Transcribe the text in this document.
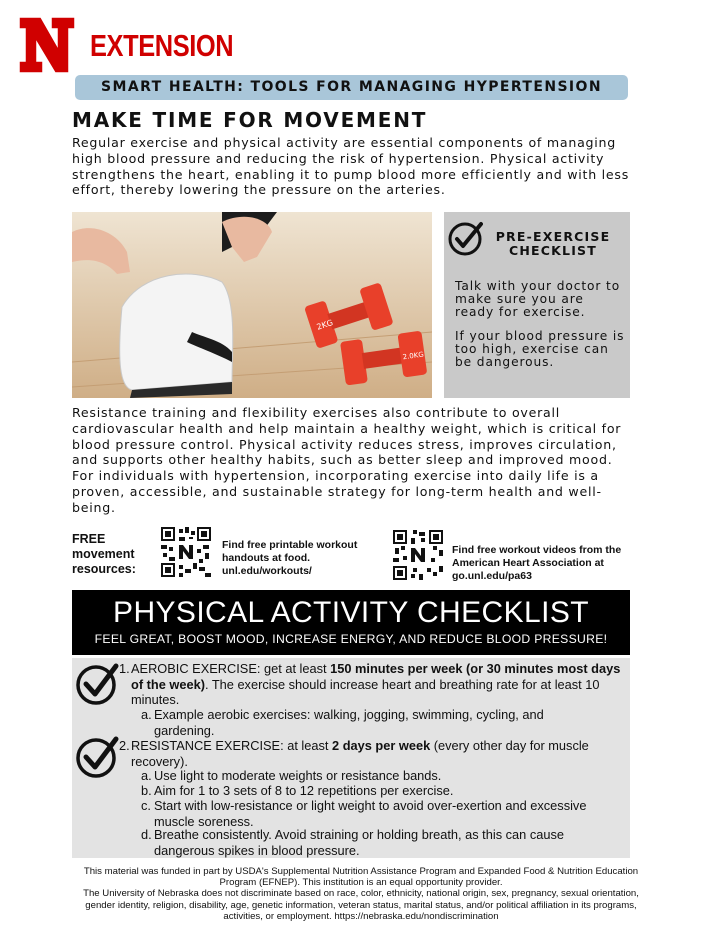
EXTENSION
SMART HEALTH: TOOLS FOR MANAGING HYPERTENSION
MAKE TIME FOR MOVEMENT

Regular exercise and physical activity are essential components of managing high blood pressure and reducing the risk of hypertension. Physical activity strengthens the heart, enabling it to pump blood more efficiently and with less effort, thereby lowering the pressure on the arteries.

2KG
2.0KG
PRE-EXERCISE
CHECKLIST

Talk with your doctor to make sure you are ready for exercise.

If your blood pressure is too high, exercise can be dangerous.

Resistance training and flexibility exercises also contribute to overall cardiovascular health and help maintain a healthy weight, which is critical for blood pressure control. Physical activity reduces stress, improves circulation, and supports other healthy habits, such as better sleep and improved mood. For individuals with hypertension, incorporating exercise into daily life is a proven, accessible, and sustainable strategy for long-term health and well-being.

FREE
movement
resources:
Find free printable workout handouts at food. unl.edu/workouts/
Find free workout videos from the American Heart Association at go.unl.edu/pa63
PHYSICAL ACTIVITY CHECKLIST
FEEL GREAT, BOOST MOOD, INCREASE ENERGY, AND REDUCE BLOOD PRESSURE!
1. AEROBIC EXERCISE: get at least 150 minutes per week (or 30 minutes most days of the week). The exercise should increase heart and breathing rate for at least 10 minutes.
a. Example aerobic exercises: walking, jogging, swimming, cycling, and gardening.
2. RESISTANCE EXERCISE: at least 2 days per week (every other day for muscle recovery).
a. Use light to moderate weights or resistance bands.
b. Aim for 1 to 3 sets of 8 to 12 repetitions per exercise.
c. Start with low-resistance or light weight to avoid over-exertion and excessive muscle soreness.
d. Breathe consistently. Avoid straining or holding breath, as this can cause dangerous spikes in blood pressure.
This material was funded in part by USDA's Supplemental Nutrition Assistance Program and Expanded Food & Nutrition Education Program (EFNEP). This institution is an equal opportunity provider.
The University of Nebraska does not discriminate based on race, color, ethnicity, national origin, sex, pregnancy, sexual orientation, gender identity, religion, disability, age, genetic information, veteran status, marital status, and/or political affiliation in its programs, activities, or employment. https://nebraska.edu/nondiscrimination
